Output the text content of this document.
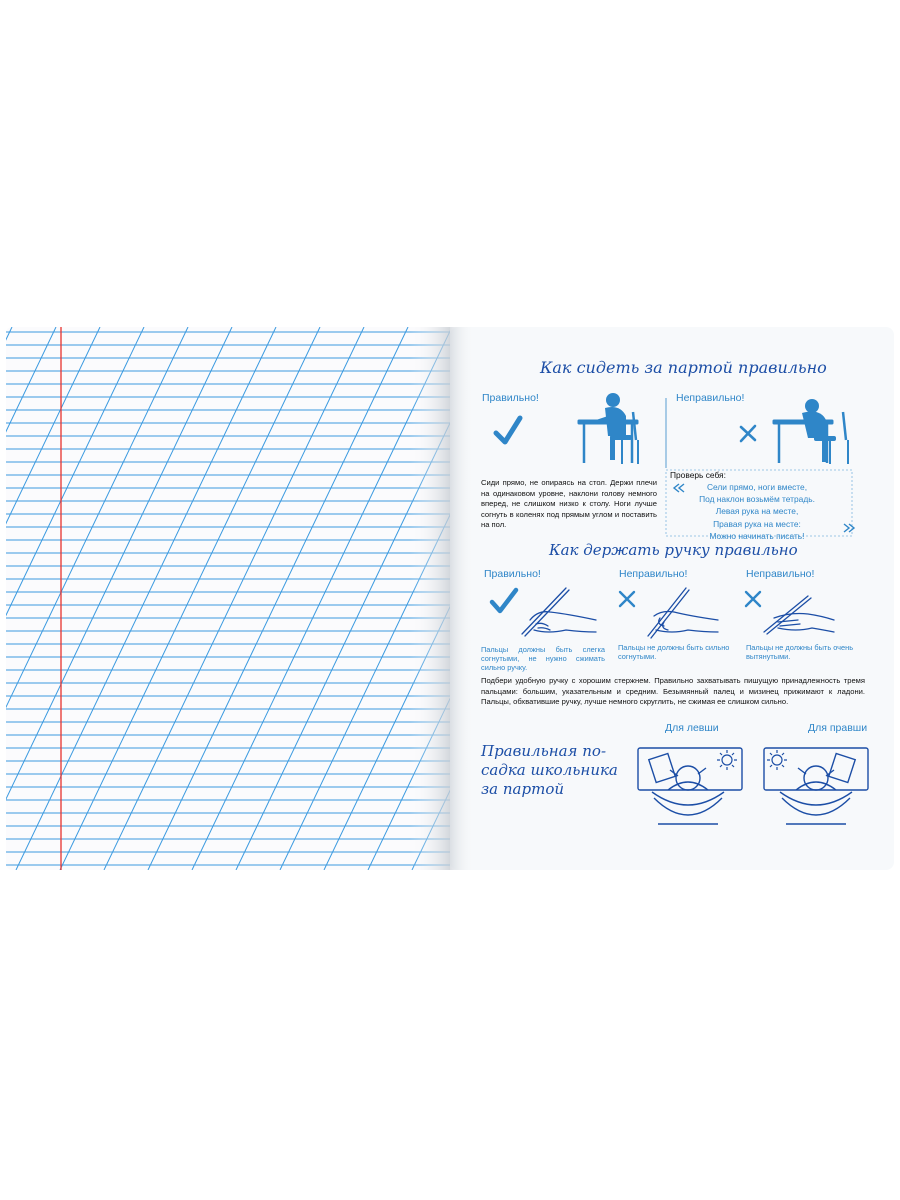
Как сидеть за партой правильно

Правильно!	Неправильно!

Сиди прямо, не опираясь на стол. Держи плечи на одинаковом уровне, наклони голову немного вперед, не слишком низко к столу. Ноги лучше согнуть в коленях под прямым углом и поставить на пол.

Проверь себя:

Сели прямо, ноги вместе,
Под наклон возьмём тетрадь.
Левая рука на месте,
Правая рука на месте:
Можно начинать писать!

Как держать ручку правильно

Правильно!	Неправильно!	Неправильно!

Пальцы должны быть слегка согнутыми, не нужно сжимать сильно ручку.

Пальцы не должны быть сильно согнутыми.

Пальцы не должны быть очень вытянутыми.

Подбери удобную ручку с хорошим стержнем. Правильно захватывать пишущую принадлежность тремя пальцами: большим, указательным и средним. Безымянный палец и мизинец прижимают к ладони. Пальцы, обхватившие ручку, лучше немного скруглить, не сжимая ее слишком сильно.

Правильная по-
садка школьника
за партой

Для левши	Для правши
